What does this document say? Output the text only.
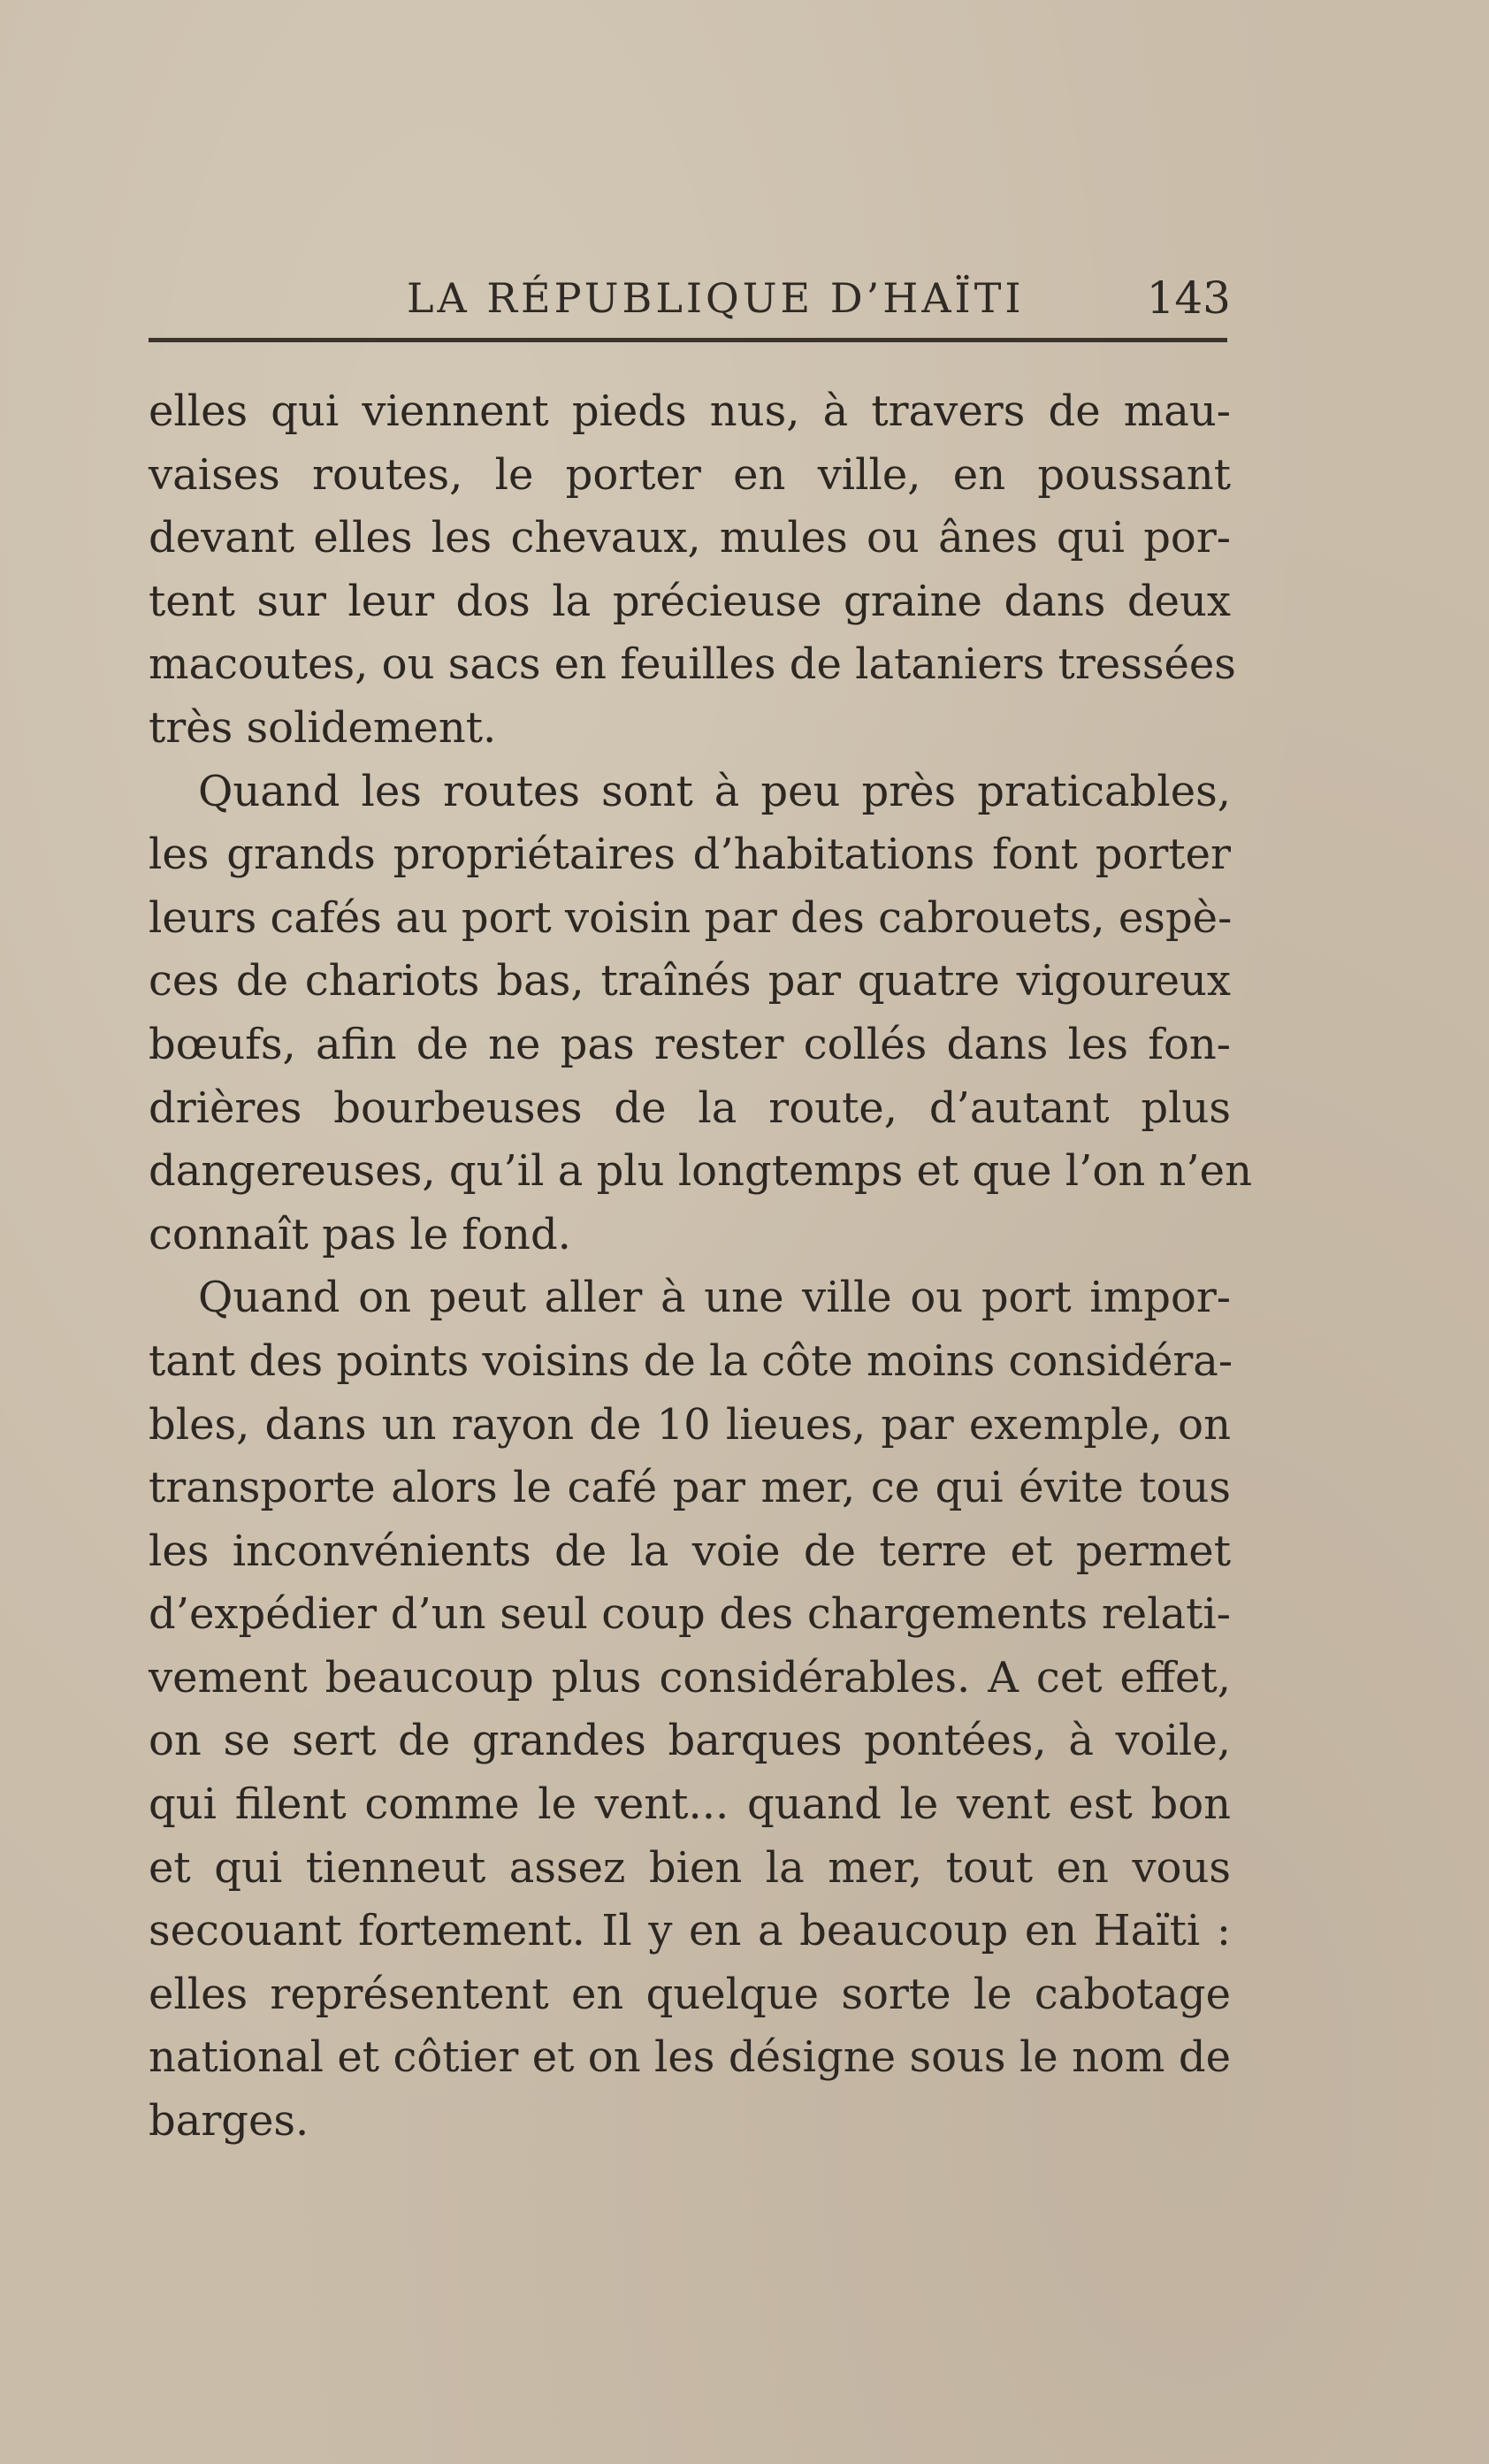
LA RÉPUBLIQUE D’HAÏTI	143
elles qui viennent pieds nus, à travers de mau-
vaises routes, le porter en ville, en poussant
devant elles les chevaux, mules ou ânes qui por-
tent sur leur dos la précieuse graine dans deux
macoutes, ou sacs en feuilles de lataniers tressées
très solidement.
Quand les routes sont à peu près praticables,
les grands propriétaires d’habitations font porter
leurs cafés au port voisin par des cabrouets, espè-
ces de chariots bas, traînés par quatre vigoureux
bœufs, afin de ne pas rester collés dans les fon-
drières bourbeuses de la route, d’autant plus
dangereuses, qu’il a plu longtemps et que l’on n’en
connaît pas le fond.
Quand on peut aller à une ville ou port impor-
tant des points voisins de la côte moins considéra-
bles, dans un rayon de 10 lieues, par exemple, on
transporte alors le café par mer, ce qui évite tous
les inconvénients de la voie de terre et permet
d’expédier d’un seul coup des chargements relati-
vement beaucoup plus considérables. A cet effet,
on se sert de grandes barques pontées, à voile,
qui filent comme le vent... quand le vent est bon
et qui tienneut assez bien la mer, tout en vous
secouant fortement. Il y en a beaucoup en Haïti :
elles représentent en quelque sorte le cabotage
national et côtier et on les désigne sous le nom de
barges.
